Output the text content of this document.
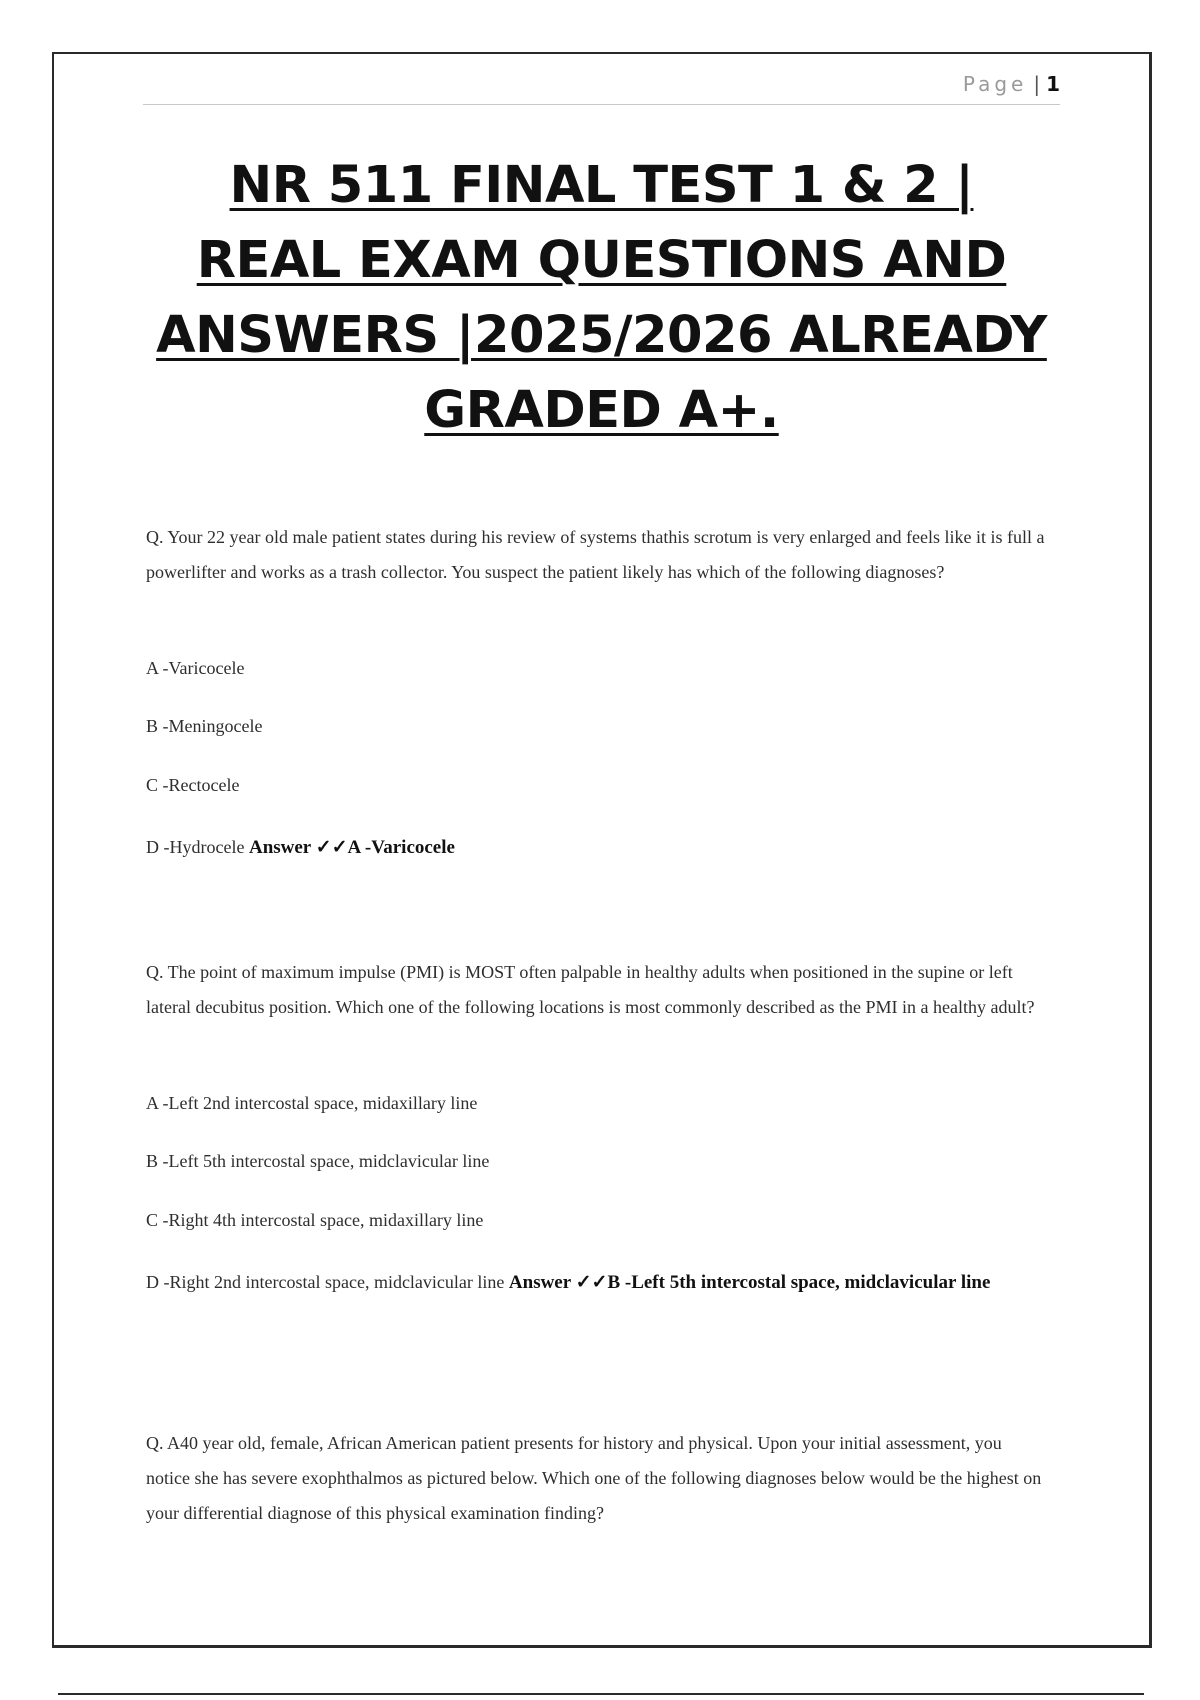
Page | 1
NR 511 FINAL TEST 1 & 2 |
REAL EXAM QUESTIONS AND
ANSWERS |2025/2026 ALREADY
GRADED A+.

Q. Your 22 year old male patient states during his review of systems thathis scrotum is very enlarged and feels like it is full a powerlifter and works as a trash collector. You suspect the patient likely has which of the following diagnoses?

A -Varicocele

B -Meningocele

C -Rectocele

D -Hydrocele Answer ✓✓A -Varicocele

Q. The point of maximum impulse (PMI) is MOST often palpable in healthy adults when positioned in the supine or left lateral decubitus position. Which one of the following locations is most commonly described as the PMI in a healthy adult?

A -Left 2nd intercostal space, midaxillary line

B -Left 5th intercostal space, midclavicular line

C -Right 4th intercostal space, midaxillary line

D -Right 2nd intercostal space, midclavicular line Answer ✓✓B -Left 5th intercostal space, midclavicular line

Q. A40 year old, female, African American patient presents for history and physical. Upon your initial assessment, you notice she has severe exophthalmos as pictured below. Which one of the following diagnoses below would be the highest on your differential diagnose of this physical examination finding?
